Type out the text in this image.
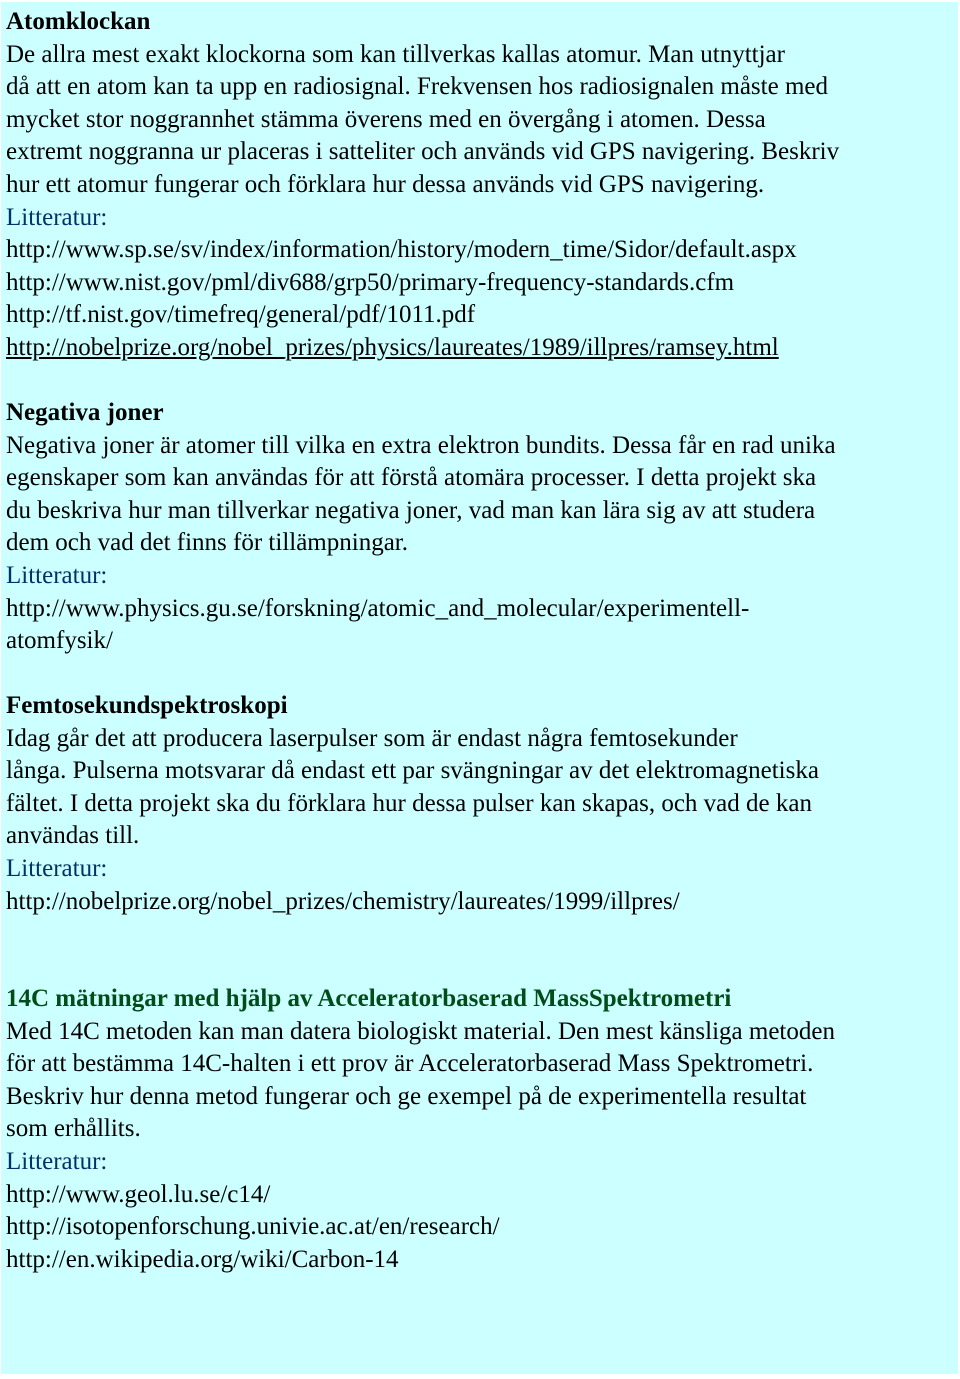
Atomklockan
De allra mest exakt klockorna som kan tillverkas kallas atomur. Man utnyttjar
då att en atom kan ta upp en radiosignal. Frekvensen hos radiosignalen måste med
mycket stor noggrannhet stämma överens med en övergång i atomen. Dessa
extremt noggranna ur placeras i satteliter och används vid GPS navigering. Beskriv
hur ett atomur fungerar och förklara hur dessa används vid GPS navigering.
Litteratur:
http://www.sp.se/sv/index/information/history/modern_time/Sidor/default.aspx
http://www.nist.gov/pml/div688/grp50/primary-frequency-standards.cfm
http://tf.nist.gov/timefreq/general/pdf/1011.pdf
http://nobelprize.org/nobel_prizes/physics/laureates/1989/illpres/ramsey.html
Negativa joner
Negativa joner är atomer till vilka en extra elektron bundits. Dessa får en rad unika
egenskaper som kan användas för att förstå atomära processer. I detta projekt ska
du beskriva hur man tillverkar negativa joner, vad man kan lära sig av att studera
dem och vad det finns för tillämpningar.
Litteratur:
http://www.physics.gu.se/forskning/atomic_and_molecular/experimentell-
atomfysik/
Femtosekundspektroskopi
Idag går det att producera laserpulser som är endast några femtosekunder
långa. Pulserna motsvarar då endast ett par svängningar av det elektromagnetiska
fältet. I detta projekt ska du förklara hur dessa pulser kan skapas, och vad de kan
användas till.
Litteratur:
http://nobelprize.org/nobel_prizes/chemistry/laureates/1999/illpres/
14C mätningar med hjälp av Acceleratorbaserad MassSpektrometri
Med 14C metoden kan man datera biologiskt material. Den mest känsliga metoden
för att bestämma 14C-halten i ett prov är Acceleratorbaserad Mass Spektrometri.
Beskriv hur denna metod fungerar och ge exempel på de experimentella resultat
som erhållits.
Litteratur:
http://www.geol.lu.se/c14/
http://isotopenforschung.univie.ac.at/en/research/
http://en.wikipedia.org/wiki/Carbon-14
